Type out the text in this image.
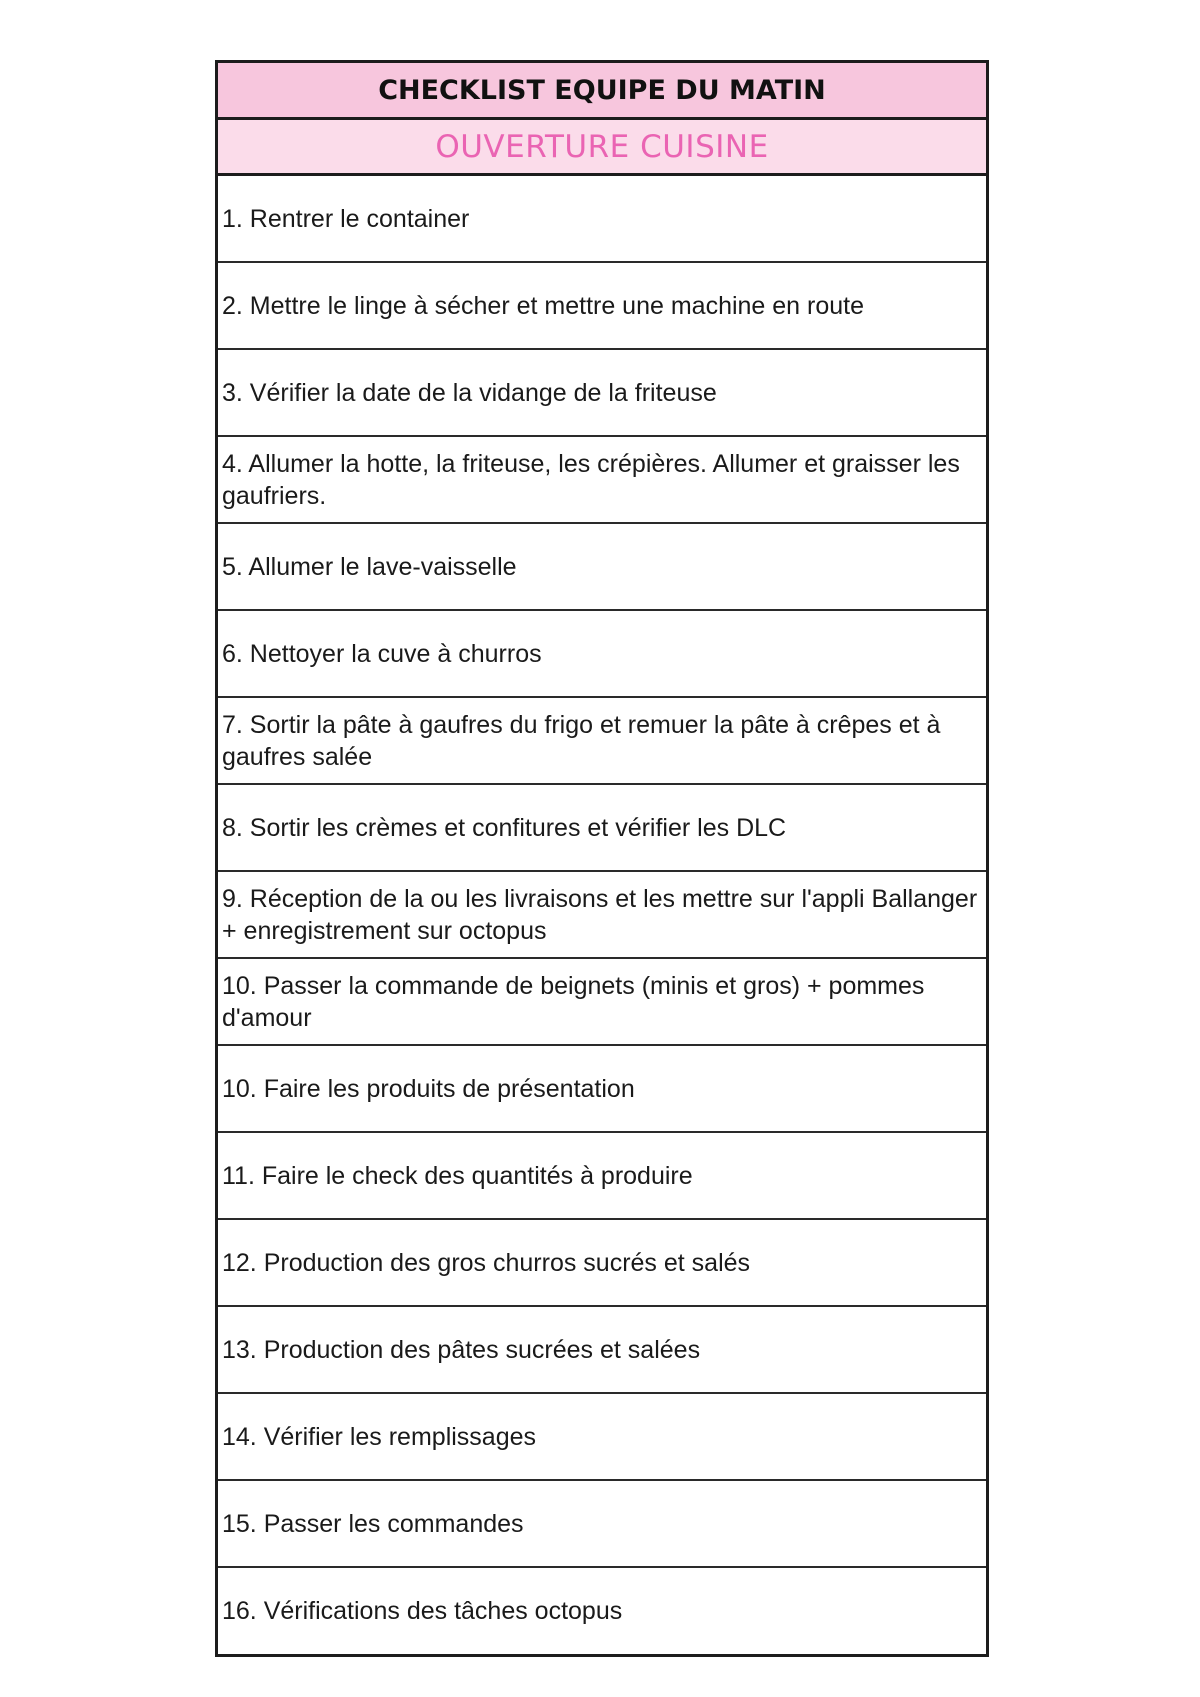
CHECKLIST EQUIPE DU MATIN
OUVERTURE CUISINE
1. Rentrer le container
2. Mettre le linge à sécher et mettre une machine en route
3. Vérifier la date de la vidange de la friteuse
4. Allumer la hotte, la friteuse, les crépières. Allumer et graisser les gaufriers.
5. Allumer le lave-vaisselle
6. Nettoyer la cuve à churros
7. Sortir la pâte à gaufres du frigo et remuer la pâte à crêpes et à gaufres salée
8. Sortir les crèmes et confitures et vérifier les DLC
9. Réception de la ou les livraisons et les mettre sur l'appli Ballanger  + enregistrement sur octopus
10. Passer la commande de beignets (minis et gros) + pommes d'amour
10. Faire les produits de présentation
11. Faire le check des quantités à produire
12. Production des gros churros sucrés et salés
13. Production des pâtes sucrées et salées
14. Vérifier les remplissages
15. Passer les commandes
16. Vérifications des tâches octopus
